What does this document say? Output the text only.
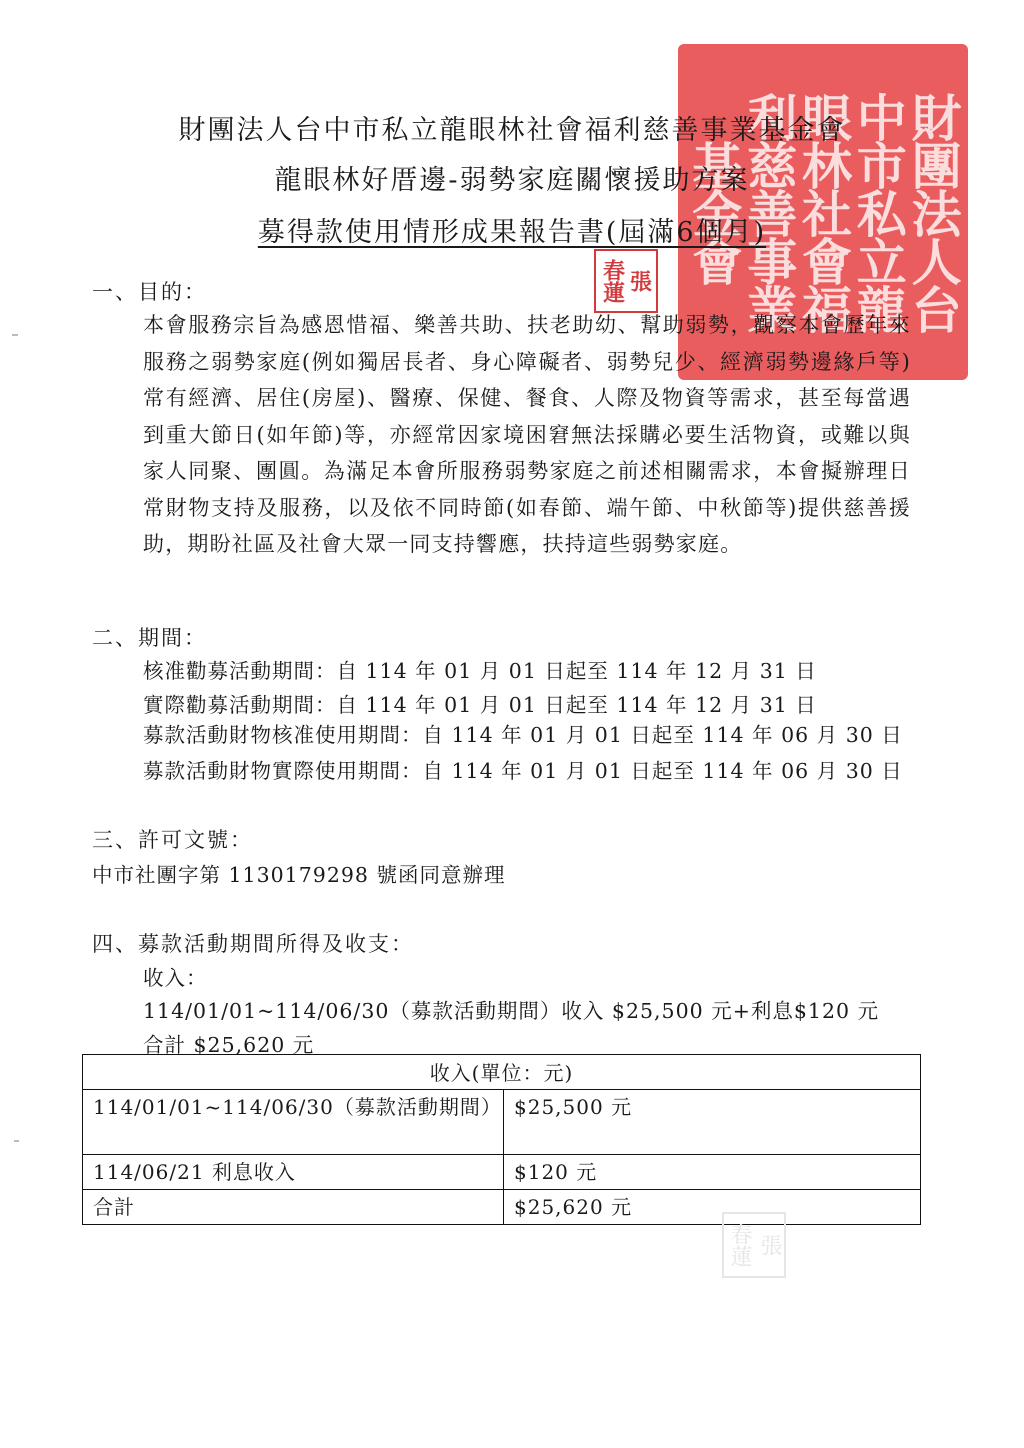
財團法人台
中市私立龍
眼林社會福
利慈善事業
基金會
張
春蓮
財團法人台中市私立龍眼林社會福利慈善事業基金會
龍眼林好厝邊-弱勢家庭關懷援助方案
募得款使用情形成果報告書(屆滿6個月)
一、目的：
本會服務宗旨為感恩惜福、樂善共助、扶老助幼、幫助弱勢，觀察本會歷年來服務之弱勢家庭(例如獨居長者、身心障礙者、弱勢兒少、經濟弱勢邊緣戶等)常有經濟、居住(房屋)、醫療、保健、餐食、人際及物資等需求，甚至每當遇到重大節日(如年節)等，亦經常因家境困窘無法採購必要生活物資，或難以與家人同聚、團圓。為滿足本會所服務弱勢家庭之前述相關需求，本會擬辦理日常財物支持及服務，以及依不同時節(如春節、端午節、中秋節等)提供慈善援助，期盼社區及社會大眾一同支持響應，扶持這些弱勢家庭。
二、期間：
核准勸募活動期間：自 114 年 01 月 01 日起至 114 年 12 月 31 日
實際勸募活動期間：自 114 年 01 月 01 日起至 114 年 12 月 31 日
募款活動財物核准使用期間：自 114 年 01 月 01 日起至 114 年 06 月 30 日
募款活動財物實際使用期間：自 114 年 01 月 01 日起至 114 年 06 月 30 日
三、許可文號：
中市社團字第 1130179298 號函同意辦理
四、募款活動期間所得及收支：
收入：
114/01/01~114/06/30（募款活動期間）收入 $25,500 元+利息$120 元
合計 $25,620 元
收入(單位：元)	
114/01/01~114/06/30（募款活動期間）	$25,500 元
114/06/21 利息收入	$120 元
合計	$25,620 元
張
春蓮
